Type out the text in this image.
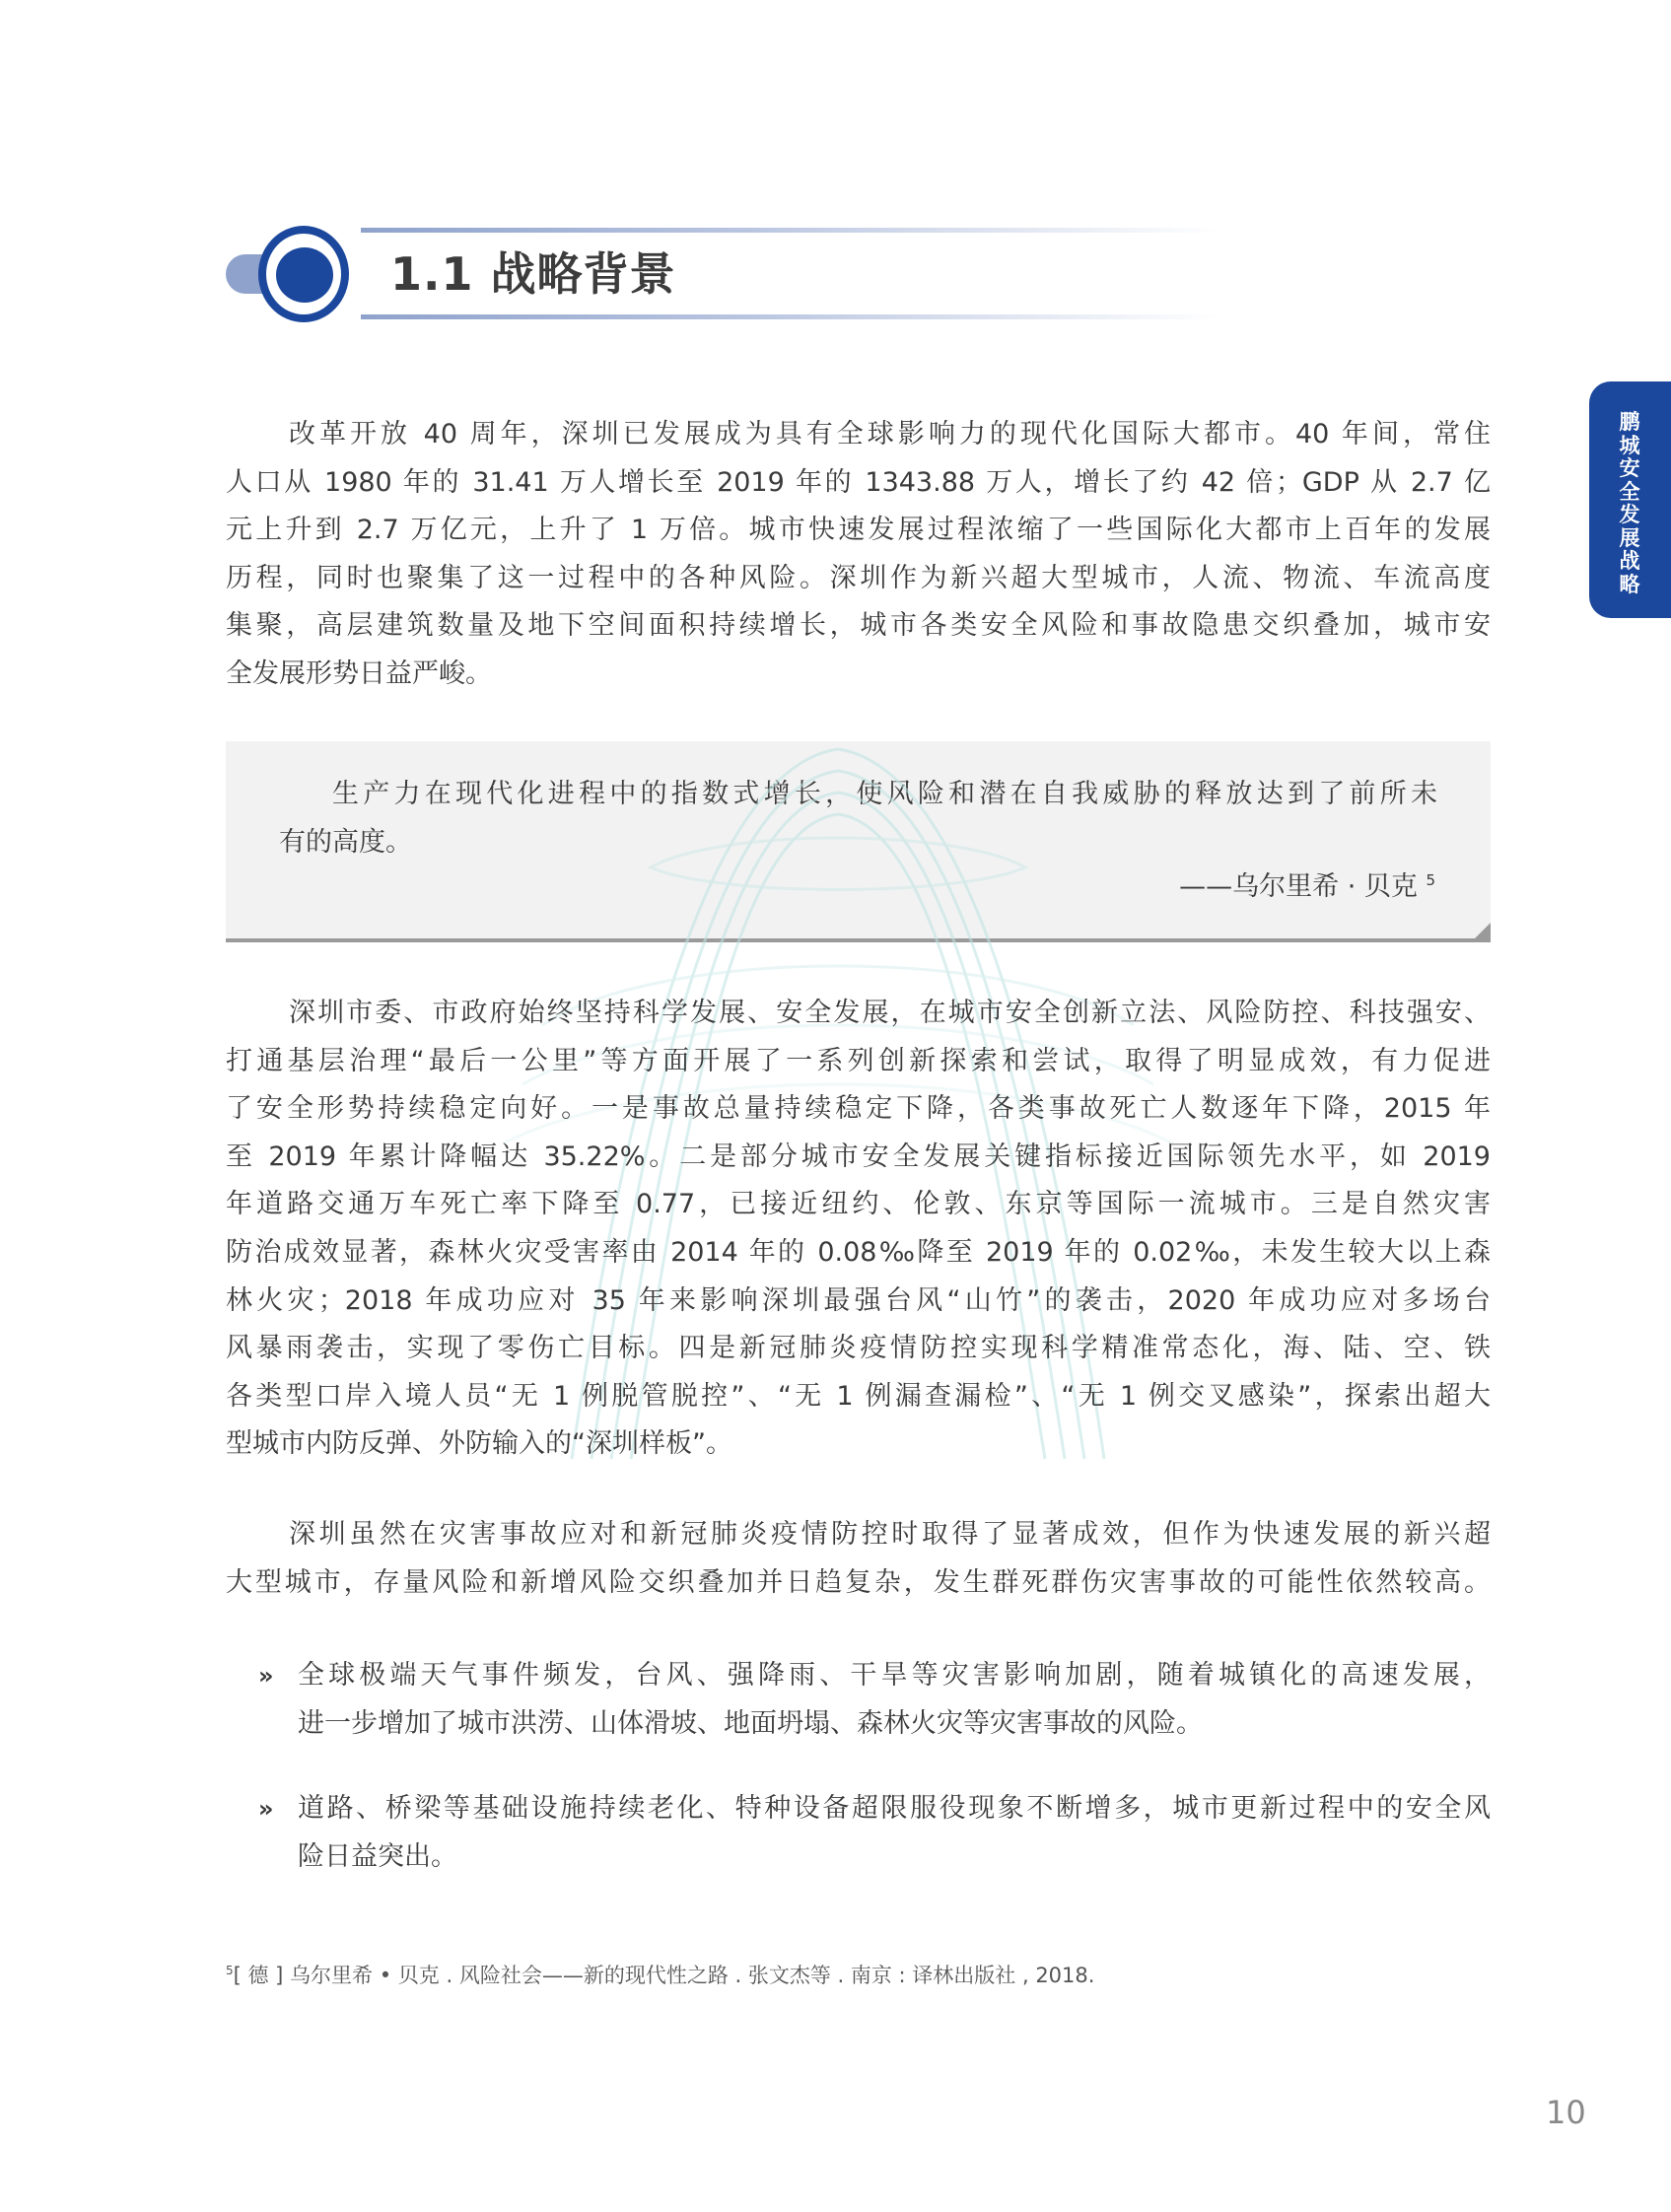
1.1 战略背景
鹏城安全发展战略
改革开放 40 周年，深圳已发展成为具有全球影响力的现代化国际大都市。40 年间，常住
人口从 1980 年的 31.41 万人增长至 2019 年的 1343.88 万人，增长了约 42 倍；GDP 从 2.7 亿
元上升到 2.7 万亿元，上升了 1 万倍。城市快速发展过程浓缩了一些国际化大都市上百年的发展
历程，同时也聚集了这一过程中的各种风险。深圳作为新兴超大型城市，人流、物流、车流高度
集聚，高层建筑数量及地下空间面积持续增长，城市各类安全风险和事故隐患交织叠加，城市安
全发展形势日益严峻。
生产力在现代化进程中的指数式增长，使风险和潜在自我威胁的释放达到了前所未
有的高度。
——乌尔里希 · 贝克 $^5$
深圳市委、市政府始终坚持科学发展、安全发展，在城市安全创新立法、风险防控、科技强安、
打通基层治理“最后一公里”等方面开展了一系列创新探索和尝试，取得了明显成效，有力促进
了安全形势持续稳定向好。一是事故总量持续稳定下降，各类事故死亡人数逐年下降，2015 年
至 2019 年累计降幅达 35.22%。二是部分城市安全发展关键指标接近国际领先水平，如 2019
年道路交通万车死亡率下降至 0.77，已接近纽约、伦敦、东京等国际一流城市。三是自然灾害
防治成效显著，森林火灾受害率由 2014 年的 0.08‰降至 2019 年的 0.02‰，未发生较大以上森
林火灾；2018 年成功应对 35 年来影响深圳最强台风“山竹”的袭击，2020 年成功应对多场台
风暴雨袭击，实现了零伤亡目标。四是新冠肺炎疫情防控实现科学精准常态化，海、陆、空、铁
各类型口岸入境人员“无 1 例脱管脱控”、“无 1 例漏查漏检”、“无 1 例交叉感染”，探索出超大
型城市内防反弹、外防输入的“深圳样板”。
深圳虽然在灾害事故应对和新冠肺炎疫情防控时取得了显著成效，但作为快速发展的新兴超
大型城市，存量风险和新增风险交织叠加并日趋复杂，发生群死群伤灾害事故的可能性依然较高。
» 全球极端天气事件频发，台风、强降雨、干旱等灾害影响加剧，随着城镇化的高速发展，
进一步增加了城市洪涝、山体滑坡、地面坍塌、森林火灾等灾害事故的风险。
» 道路、桥梁等基础设施持续老化、特种设备超限服役现象不断增多，城市更新过程中的安全风
险日益突出。
$^5$[ 德 ] 乌尔里希 • 贝克 . 风险社会——新的现代性之路 . 张文杰等 . 南京 : 译林出版社 , 2018.
10
